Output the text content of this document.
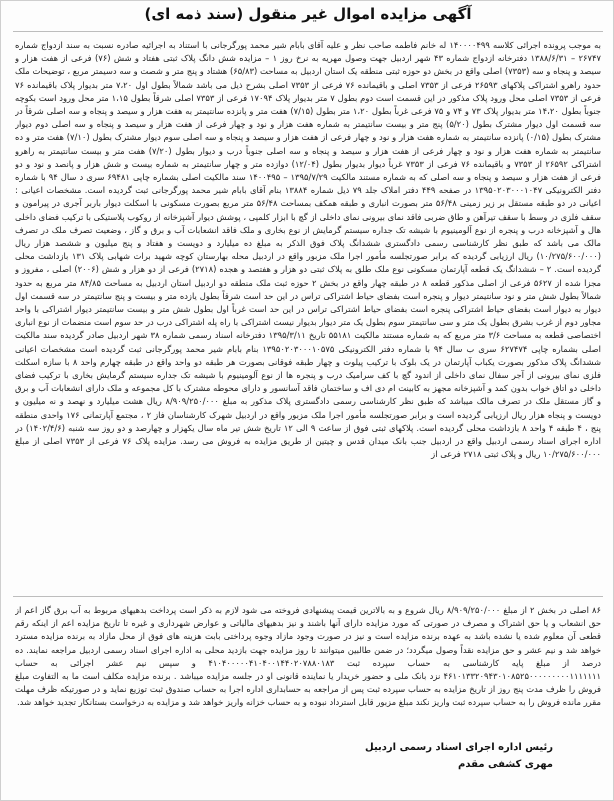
آگهی مزایده اموال غیر منقول (سند ذمه ای)

به موجب پرونده اجرائی کلاسه ۱۴۰۰۰۰۴۹۹ له خانم فاطمه صاحب نظر و علیه آقای بابام شیر محمد پورگرجانی با استناد به اجرائیه صادره نسبت به سند ازدواج شماره ۲۶۷۴۷ – ۱۳۸۸/۶/۳۱ دفترخانه ازدواج شماره ۴۳ شهر اردبیل جهت وصول مهریه به نرخ روز ۱ – مزایده شش دانگ پلاک ثبتی هفتاد و شش (۷۶) فرعی از هفت هزار و سیصد و پنجاه و سه (۷۳۵۳) اصلی واقع در بخش دو حوزه ثبتی منطقه یک استان اردبیل به مساحت (۶۵/۸۳) هشتاد و پنج متر و شصت و سه دسیمتر مربع ، توضیحات ملک حدود راهرو اشتراکی پلاکهای ۲۶۵۹۳ فرعی از ۷۳۵۳ اصلی و باقیمانده ۷۶ فرعی از ۷۳۵۳ اصلی بشرح ذیل می باشد شمالاً بطول اول ۷،۲۰ متر بدیوار پلاک باقیمانده ۷۶ فرعی از ۷۳۵۳ اصلی محل ورود پلاک مذکور در این قسمت است دوم بطول ۷ متر بدیوار پلاک ۱۷۰۹۴ فرعی از ۷۳۵۳ اصلی شرقاً بطول ۱،۱۵ متر محل ورود است بکوچه جنوباً بطول ۱۴،۲۰ متر بدیوار پلاک ۷۳ و ۷۴ و ۷۵ فرعی غرباً بطول ۱،۲۰ متر بطول (۷/۱۵) هفت متر و پانزده سانتیمتر به هفت هزار و سیصد و پنجاه و سه اصلی شرقاً در سه قسمت اول دیوار مشترک بطول (۵/۲۰) پنج متر و بیست سانتیمتر به شماره هفت هزار و نود و چهار فرعی از هفت هزار و سیصد و پنجاه و سه اصلی دوم دیوار مشترک بطول (۰/۱۵) پانزده سانتیمتر به شماره هفت هزار و نود و چهار فرعی از هفت هزار و سیصد و پنجاه و سه اصلی سوم دیوار مشترک بطول (۷/۱۰) هفت متر و ده سانتیمتر به شماره هفت هزار و نود و چهار فرعی از هفت هزار و سیصد و پنجاه و سه اصلی جنوباً درب و دیوار بطول (۷/۲۰) هفت متر و بیست سانتیمتر به راهرو اشتراکی ۲۶۵۹۲ از ۷۳۵۳ و باقیمانده ۷۶ فرعی از ۷۳۵۳ غرباً دیوار بدیوار بطول (۱۲/۰۴) دوازده متر و چهار سانتیمتر به شماره بیست و شش هزار و پانصد و نود و دو فرعی از هفت هزار و سیصد و پنجاه و سه اصلی که به شماره مستند مالکیت ۱۳۹۵/۷/۲۹ – ۱۴۰۰۴۹۵ سند مالکیت اصلی بشماره چاپی ۶۹۴۸۱ سری د سال ۹۴ با شماره دفتر الکترونیکی ۱۳۹۵۰۲۰۳۰۰۰۱۰۴۷ در صفحه ۴۴۹ دفتر املاک جلد ۷۹ ذیل شماره ۱۳۸۸۴ بنام آقای بابام شیر محمد پورگرجانی ثبت گردیده است. مشخصات اعیانی : اعیانی در دو طبقه مستقل بر زیر زمینی ۵۶/۴۸ متر بصورت انباری و طبقه همکف بمساحت ۵۶/۴۸ متر مربع بصورت مسکونی با اسکلت دیوار باربر آجری در پیرامون و سقف فلزی در وسط با سقف تیرآهن و طاق ضربی فاقد نمای بیرونی نمای داخلی از گچ با ابزار کلمپی ، پوشش دیوار آشپزخانه از روکوب پلاستیکی با ترکیب فضای داخلی هال و آشپزخانه درب و پنجره از نوع آلومینیوم با شیشه تک جداره سیستم گرمایش از نوع بخاری و ملک فاقد انشعابات آب و برق و گاز ، وضعیت تصرف ملک در تصرف مالک می باشد که طبق نظر کارشناسی رسمی دادگستری ششدانگ پلاک فوق الذکر به مبلغ ده میلیارد و دویست و هفتاد و پنج میلیون و ششصد هزار ریال (۱۰/۲۷۵/۶۰۰/۰۰۰) ریال ارزیابی گردیده که برابر صورتجلسه مأمور اجرا ملک مزبور واقع در اردبیل محله بهارستان کوچه شهید برات شهابی پلاک ۱۳۱ بازداشت محلی گردیده است. ۲ – ششدانگ یک قطعه آپارتمان مسکونی نوع ملک طلق به پلاک ثبتی دو هزار و هفتصد و هجده (۲۷۱۸) فرعی از دو هزار و شش (۲۰۰۶) اصلی ، مفروز و مجزا شده از ۵۶۲۷ فرعی از اصلی مذکور قطعه ۸ در طبقه چهار واقع در بخش ۲ حوزه ثبت ملک منطقه دو اردبیل استان اردبیل به مساحت ۸۴/۸۵ متر مربع به حدود شمالاً بطول شش متر و نود سانتیمتر دیوار و پنجره است بفضای حیاط اشتراکی تراس در این حد است شرقاً بطول یازده متر و بیست و پنج سانتیمتر در سه قسمت اول دیوار به دیوار است بفضای حیاط اشتراکی پنجره است بفضای حیاط اشتراکی تراس در این حد است غرباً اول بطول شش متر و بیست سانتیمتر دیوار اشتراکی با واحد مجاور دوم از غرب بشرق بطول یک متر و سی سانتیمتر سوم بطول یک متر دیوار بدیوار نیست اشتراکی با راه پله اشتراکی درب در حد سوم است منضمات از نوع انباری اختصاصی قطعه به مساحت ۳/۶ متر مربع که به شماره مستند مالکیت ۵۵۱۸۱ تاریخ ۱۳۹۵/۳/۱۱ دفترخانه اسناد رسمی شماره ۳۸ شهر اردبیل صادر گردیده سند مالکیت اصلی بشماره چاپی ۶۲۷۴۷۴ سری ب سال ۹۴ با شماره دفتر الکترونیکی ۱۳۹۵۰۲۰۳۰۰۰۱۰۵۷۵ بنام بابام شیر محمد پورگرجانی ثبت گردیده است مشخصات اعیانی ششدانگ پلاک مذکور بصورت یکباب آپارتمان در یک بلوک با ترکیب پیلوت و چهار طبقه فوقانی بصورت هر طبقه دو واحد واقع در طبقه چهارم واحد ۸ با سازه اسکلت فلزی نمای بیرونی از آجر سفال نمای داخلی از اندود گچ با کف سرامیک درب و پنجره ها از نوع آلومینیوم با شیشه تک جداره سیستم گرمایش بخاری با ترکیب فضای داخلی دو اتاق خواب بدون کمد و آشپزخانه مجهز به کابینت ام دی اف و ساختمان فاقد آسانسور و دارای محوطه مشترک با کل مجموعه و ملک دارای انشعابات آب و برق و گاز مستقل ملک در تصرف مالک میباشد که طبق نظر کارشناسی رسمی دادگستری پلاک مذکور به مبلغ ۸/۹۰۹/۲۵۰/۰۰۰ ریال هشت میلیارد و نهصد و نه میلیون و دویست و پنجاه هزار ریال ارزیابی گردیده است و برابر صورتجلسه مأمور اجرا ملک مزبور واقع در اردبیل شهرک کارشناسان فاز ۲ ، مجتمع آپارتمانی ۱۷۶ واحدی منطقه پنج ، ۴ طبقه ۴ واحد ۸ بازداشت محلی گردیده است. پلاکهای ثبتی فوق از ساعت ۹ الی ۱۲ تاریخ شش تیر ماه سال یکهزار و چهارصد و دو روز سه شنبه (۱۴۰۲/۴/۶) در اداره اجرای اسناد رسمی اردبیل واقع در اردبیل جنب بانک میدان قدس و چیتین از طریق مزایده به فروش می رسد. مزایده پلاک ۷۶ فرعی از ۷۳۵۳ اصلی از مبلغ ۱۰/۲۷۵/۶۰۰/۰۰۰ ریال و پلاک ثبتی ۲۷۱۸ فرعی از

۸۶ اصلی در بخش ۲ از مبلغ ۸/۹۰۹/۲۵۰/۰۰۰ ریال شروع و به بالاترین قیمت پیشنهادی فروخته می شود لازم به ذکر است پرداخت بدهیهای مربوط به آب برق گاز اعم از حق انشعاب و یا حق اشتراک و مصرف در صورتی که مورد مزایده دارای آنها باشند و نیز بدهیهای مالیاتی و عوارض شهرداری و غیره تا تاریخ مزایده اعم از اینکه رقم قطعی آن معلوم شده یا نشده باشد به عهده برنده مزایده است و نیز در صورت وجود مازاد وجوه پرداختی بابت هزینه های فوق از محل مازاد به برنده مزایده مسترد خواهد شد و نیم عشر و حق مزایده نقداً وصول میگردد؛ در ضمن طالبین میتوانند تا روز مزایده جهت بازدید محلی به اداره اجرای اسناد رسمی اردبیل مراجعه نمایند. ده درصد از مبلغ پایه کارشناسی به حساب سپرده ثبت ۴۱۰۴۰۰۰۰۰۴۱۰۴۰۰۱۴۴۰۲۰۷۸۸۰۱۸۳ و سپس نیم عشر اجرائی به حساب ۴۶۱۰۱۳۳۲۰۹۴۳۰۱۰۸۵۲۵۰۰۰۰۰۰۰۰۰۱۱۱۱۱۱۱ نزد بانک ملی و حضور خریدار یا نماینده قانونی او در جلسه مزایده میباشد . برنده مزایده مکلف است ما به التفاوت مبلغ فروش را ظرف مدت پنج روز از تاریخ مزایده به حساب سپرده ثبت پس از مراجعه به حسابداری اداره اجرا به حساب صندوق ثبت توزیع نماید و در صورتیکه ظرف مهلت مقرر مانده فروش را به حساب سپرده ثبت واریز نکند مبلغ مزبور قابل استرداد نبوده و به حساب خزانه واریز خواهد شد و مزایده به درخواست بستانکار تجدید خواهد شد.

رئیس اداره اجرای اسناد رسمی اردبیل
مهری کشفی مقدم
